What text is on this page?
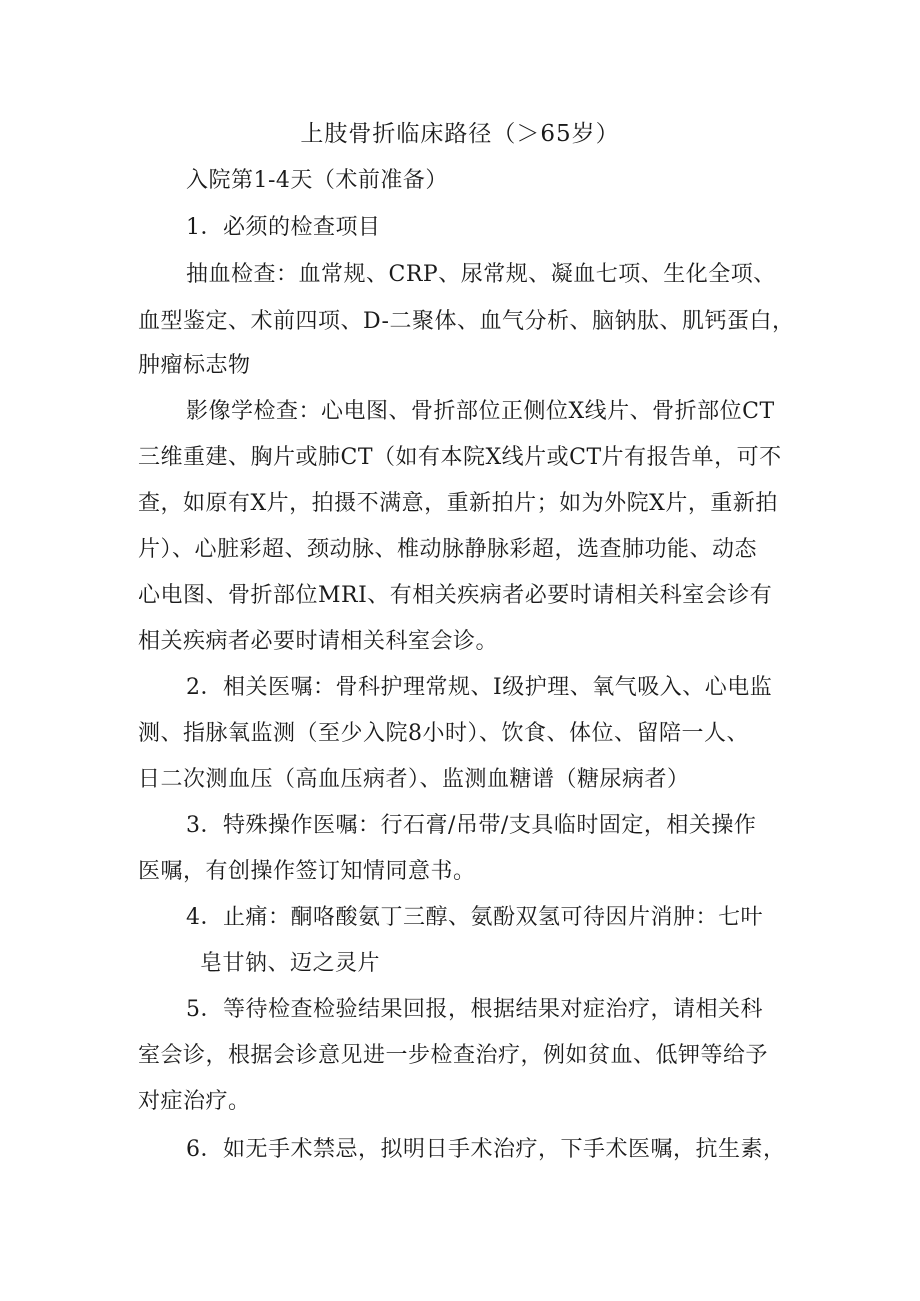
上肢骨折临床路径（＞65岁）

入院第1-4天（术前准备）

1．必须的检查项目

抽血检查：血常规、CRP、尿常规、凝血七项、生化全项、

血型鉴定、术前四项、D-二聚体、血气分析、脑钠肽、肌钙蛋白，

肿瘤标志物

影像学检查：心电图、骨折部位正侧位X线片、骨折部位CT

三维重建、胸片或肺CT（如有本院X线片或CT片有报告单，可不

查，如原有X片，拍摄不满意，重新拍片；如为外院X片，重新拍

片）、心脏彩超、颈动脉、椎动脉静脉彩超，选查肺功能、动态

心电图、骨折部位MRI、有相关疾病者必要时请相关科室会诊有

相关疾病者必要时请相关科室会诊。

2．相关医嘱：骨科护理常规、I级护理、氧气吸入、心电监

测、指脉氧监测（至少入院8小时）、饮食、体位、留陪一人、

日二次测血压（高血压病者）、监测血糖谱（糖尿病者）

3．特殊操作医嘱：行石膏/吊带/支具临时固定，相关操作

医嘱，有创操作签订知情同意书。

4．止痛：酮咯酸氨丁三醇、氨酚双氢可待因片消肿：七叶

皂甘钠、迈之灵片

5．等待检查检验结果回报，根据结果对症治疗，请相关科

室会诊，根据会诊意见进一步检查治疗，例如贫血、低钾等给予

对症治疗。

6．如无手术禁忌，拟明日手术治疗，下手术医嘱，抗生素，
